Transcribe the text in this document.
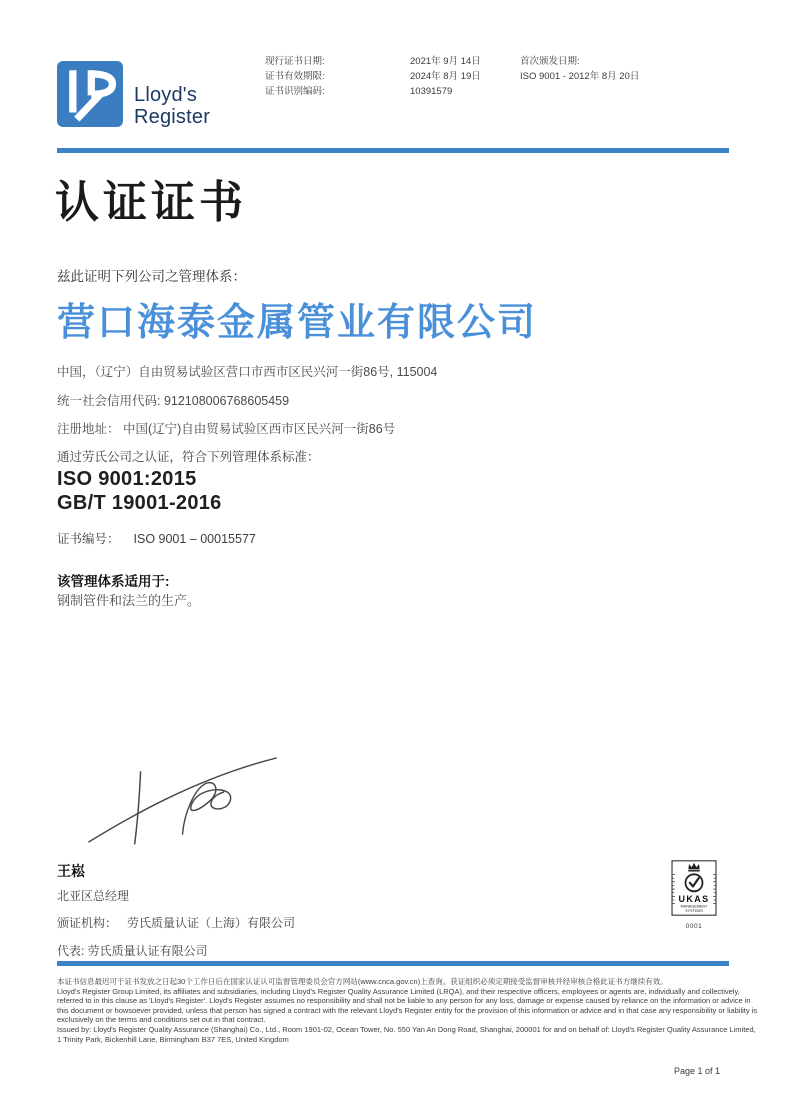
Lloyd's
Register
现行证书日期:
证书有效期限:
证书识别编码:
2021年 9月 14日
2024年 8月 19日
10391579
首次颁发日期:
ISO 9001 - 2012年 8月 20日
认证证书
兹此证明下列公司之管理体系：
营口海泰金属管业有限公司
中国，（辽宁）自由贸易试验区营口市西市区民兴河一街86号, 115004
统一社会信用代码: 912108006768605459
注册地址： 中国(辽宁)自由贸易试验区西市区民兴河一街86号
通过劳氏公司之认证，符合下列管理体系标准：
ISO 9001:2015
GB/T 19001-2016
证书编号： ISO 9001 – 00015577
该管理体系适用于:
钢制管件和法兰的生产。
王崧
北亚区总经理
颁证机构： 劳氏质量认证（上海）有限公司
代表: 劳氏质量认证有限公司
UKAS
MANAGEMENT
SYSTEMS
0001

本证书信息最迟可于证书发放之日起30个工作日后在国家认证认可监督管理委员会官方网站(www.cnca.gov.cn)上查询。获证组织必须定期接受监督审核并经审核合格此证书方继续有效。

Lloyd's Register Group Limited, its affiliates and subsidiaries, including Lloyd's Register Quality Assurance Limited (LRQA), and their respective officers, employees or agents are, individually and collectively, referred to in this clause as 'Lloyd's Register'. Lloyd's Register assumes no responsibility and shall not be liable to any person for any loss, damage or expense caused by reliance on the information or advice in this document or howsoever provided, unless that person has signed a contract with the relevant Lloyd's Register entity for the provision of this information or advice and in that case any responsibility or liability is exclusively on the terms and conditions set out in that contract.

Issued by: Lloyd's Register Quality Assurance (Shanghai) Co., Ltd., Room 1901-02, Ocean Tower, No. 550 Yan An Dong Road, Shanghai, 200001 for and on behalf of: Lloyd's Register Quality Assurance Limited, 1 Trinity Park, Bickenhill Lane, Birmingham B37 7ES, United Kingdom

Page 1 of 1
